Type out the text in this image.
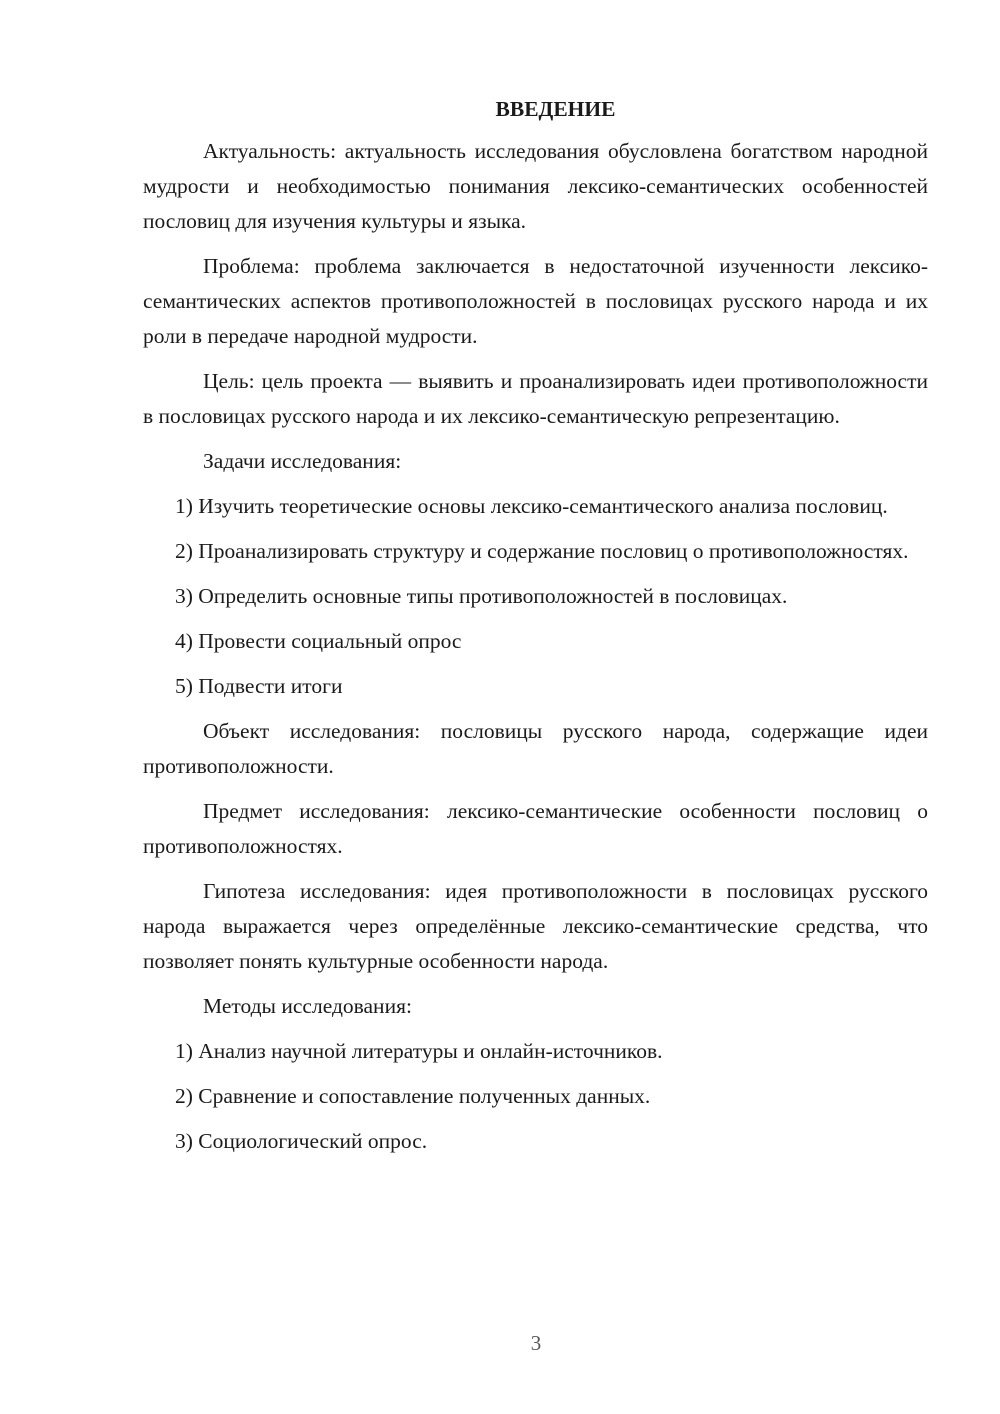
ВВЕДЕНИЕ

Актуальность: актуальность исследования обусловлена богатством народной мудрости и необходимостью понимания лексико-семантических особенностей пословиц для изучения культуры и языка.

Проблема: проблема заключается в недостаточной изученности лексико-семантических аспектов противоположностей в пословицах русского народа и их роли в передаче народной мудрости.

Цель: цель проекта — выявить и проанализировать идеи противоположности в пословицах русского народа и их лексико-семантическую репрезентацию.

Задачи исследования:

1) Изучить теоретические основы лексико-семантического анализа пословиц.

2) Проанализировать структуру и содержание пословиц о противоположностях.

3) Определить основные типы противоположностей в пословицах.

4) Провести социальный опрос

5) Подвести итоги

Объект исследования: пословицы русского народа, содержащие идеи противоположности.

Предмет исследования: лексико-семантические особенности пословиц о противоположностях.

Гипотеза исследования: идея противоположности в пословицах русского народа выражается через определённые лексико-семантические средства, что позволяет понять культурные особенности народа.

Методы исследования:

1) Анализ научной литературы и онлайн-источников.

2) Сравнение и сопоставление полученных данных.

3) Социологический опрос.

3
